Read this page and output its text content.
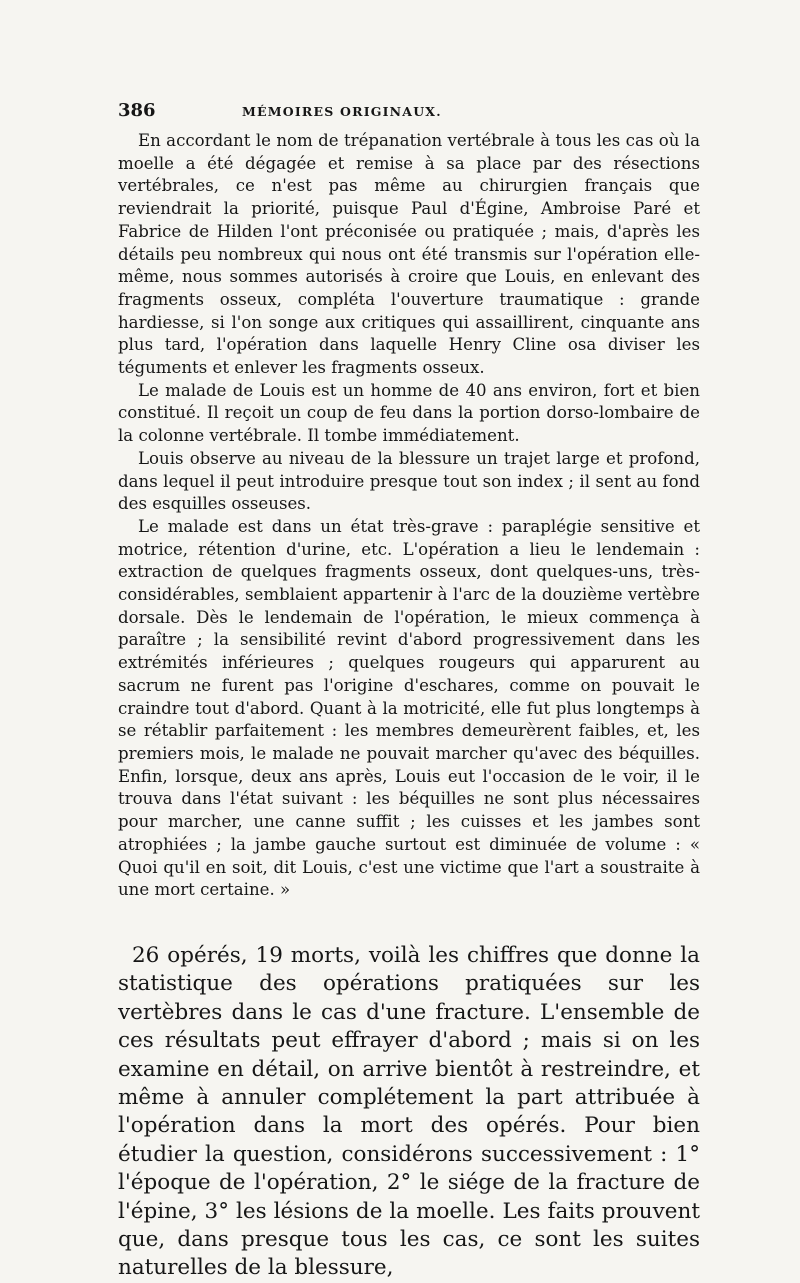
386	MÉMOIRES ORIGINAUX.

En accordant le nom de trépanation vertébrale à tous les cas où la moelle a été dégagée et remise à sa place par des résections vertébrales, ce n'est pas même au chirurgien français que reviendrait la priorité, puisque Paul d'Égine, Ambroise Paré et Fabrice de Hilden l'ont préconisée ou pratiquée ; mais, d'après les détails peu nombreux qui nous ont été transmis sur l'opération elle-même, nous sommes autorisés à croire que Louis, en enlevant des fragments osseux, compléta l'ouverture traumatique : grande hardiesse, si l'on songe aux critiques qui assaillirent, cinquante ans plus tard, l'opération dans laquelle Henry Cline osa diviser les téguments et enlever les fragments osseux.

Le malade de Louis est un homme de 40 ans environ, fort et bien constitué. Il reçoit un coup de feu dans la portion dorso-lombaire de la colonne vertébrale. Il tombe immédiatement.

Louis observe au niveau de la blessure un trajet large et profond, dans lequel il peut introduire presque tout son index ; il sent au fond des esquilles osseuses.

Le malade est dans un état très-grave : paraplégie sensitive et motrice, rétention d'urine, etc. L'opération a lieu le lendemain : extraction de quelques fragments osseux, dont quelques-uns, très-considérables, semblaient appartenir à l'arc de la douzième vertèbre dorsale. Dès le lendemain de l'opération, le mieux commença à paraître ; la sensibilité revint d'abord progressivement dans les extrémités inférieures ; quelques rougeurs qui apparurent au sacrum ne furent pas l'origine d'eschares, comme on pouvait le craindre tout d'abord. Quant à la motricité, elle fut plus longtemps à se rétablir parfaitement : les membres demeurèrent faibles, et, les premiers mois, le malade ne pouvait marcher qu'avec des béquilles. Enfin, lorsque, deux ans après, Louis eut l'occasion de le voir, il le trouva dans l'état suivant : les béquilles ne sont plus nécessaires pour marcher, une canne suffit ; les cuisses et les jambes sont atrophiées ; la jambe gauche surtout est diminuée de volume : « Quoi qu'il en soit, dit Louis, c'est une victime que l'art a soustraite à une mort certaine. »

26 opérés, 19 morts, voilà les chiffres que donne la statistique des opérations pratiquées sur les vertèbres dans le cas d'une fracture. L'ensemble de ces résultats peut effrayer d'abord ; mais si on les examine en détail, on arrive bientôt à restreindre, et même à annuler complétement la part attribuée à l'opération dans la mort des opérés. Pour bien étudier la question, considérons successivement : 1° l'époque de l'opération, 2° le siége de la fracture de l'épine, 3° les lésions de la moelle. Les faits prouvent que, dans presque tous les cas, ce sont les suites naturelles de la blessure,
